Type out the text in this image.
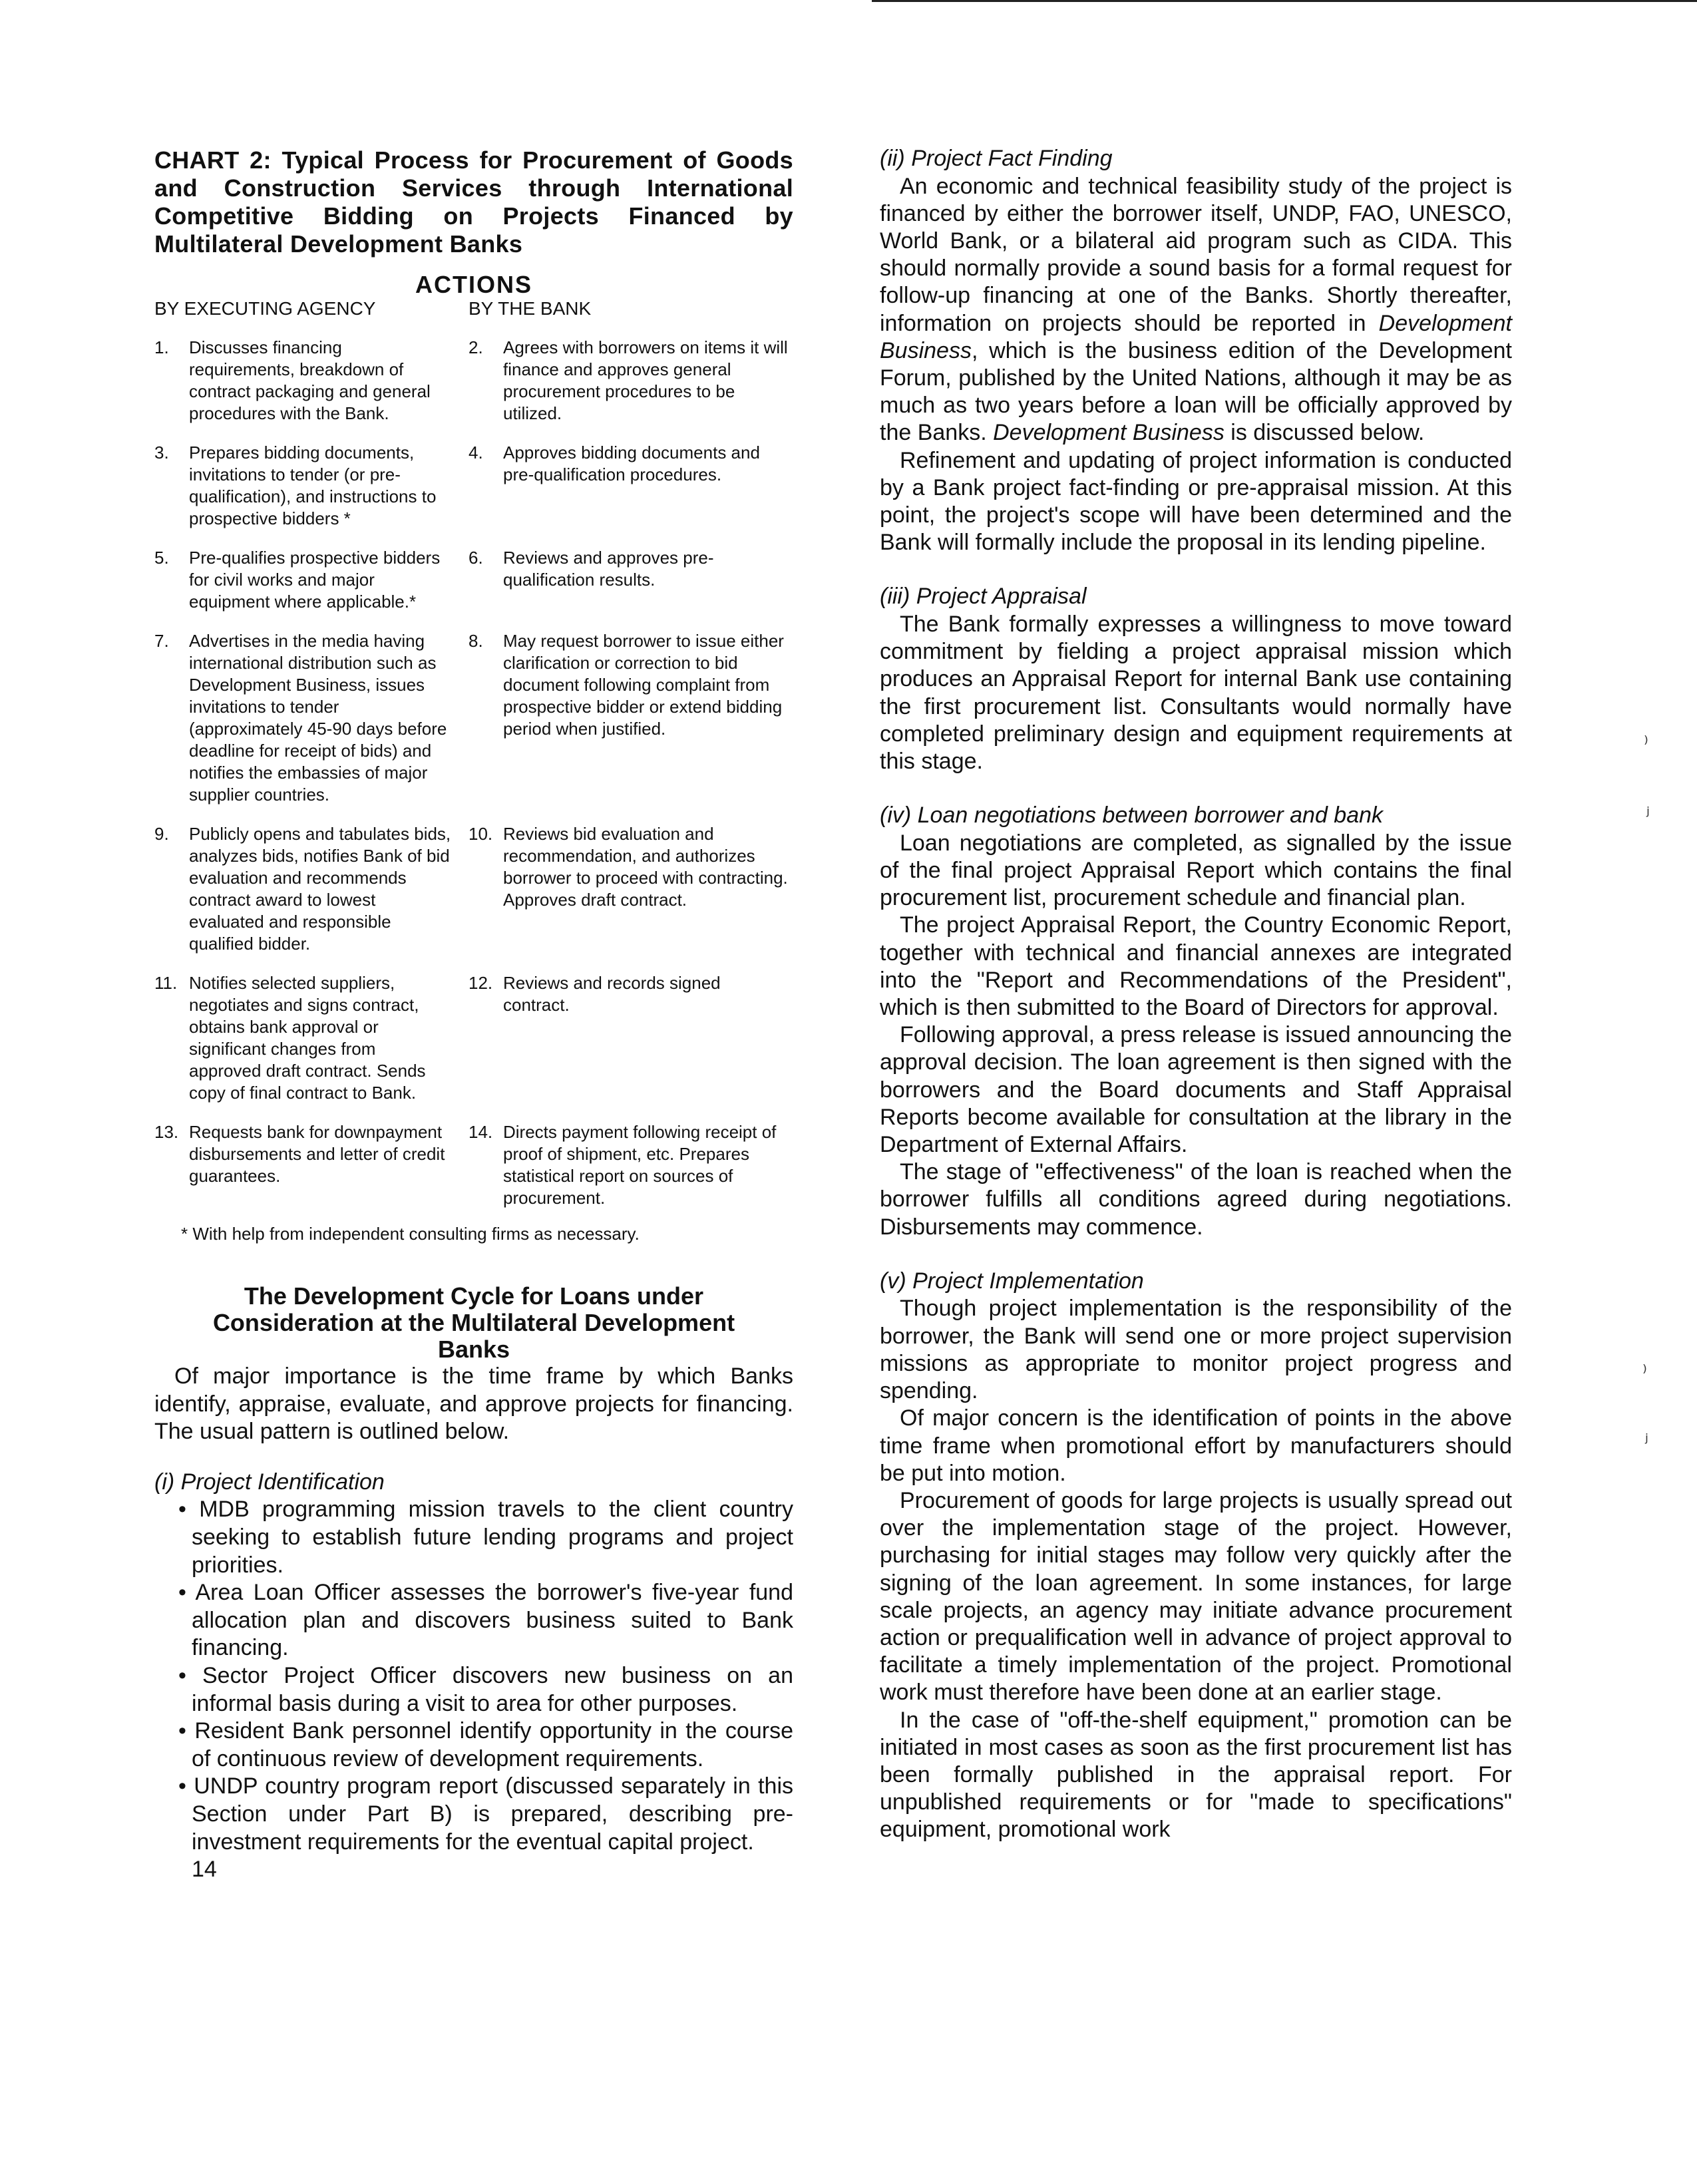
CHART 2: Typical Process for Procurement of Goods and Construction Services through International Competitive Bidding on Projects Financed by Multilateral Development Banks

ACTIONS
BY EXECUTING AGENCY	BY THE BANK
1.	Discusses financing requirements, breakdown of contract packaging and general procedures with the Bank.
2.	Agrees with borrowers on items it will finance and approves general procurement procedures to be utilized.
3.	Prepares bidding documents, invitations to tender (or pre-qualification), and instructions to prospective bidders *
4.	Approves bidding documents and pre-qualification procedures.
5.	Pre-qualifies prospective bidders for civil works and major equipment where applicable.*
6.	Reviews and approves pre-qualification results.
7.	Advertises in the media having international distribution such as Development Business, issues invitations to tender (approximately 45-90 days before deadline for receipt of bids) and notifies the embassies of major supplier countries.
8.	May request borrower to issue either clarification or correction to bid document following complaint from prospective bidder or extend bidding period when justified.
9.	Publicly opens and tabulates bids, analyzes bids, notifies Bank of bid evaluation and recommends contract award to lowest evaluated and responsible qualified bidder.
10. Reviews bid evaluation and recommendation, and authorizes borrower to proceed with contracting. Approves draft contract.
11. Notifies selected suppliers, negotiates and signs contract, obtains bank approval or significant changes from approved draft contract. Sends copy of final contract to Bank.
12. Reviews and records signed contract.
13. Requests bank for downpayment disbursements and letter of credit guarantees.
14. Directs payment following receipt of proof of shipment, etc. Prepares statistical report on sources of procurement.
* With help from independent consulting firms as necessary.
The Development Cycle for Loans under Consideration at the Multilateral Development Banks

Of major importance is the time frame by which Banks identify, appraise, evaluate, and approve projects for financing. The usual pattern is outlined below.

(i) Project Identification

• MDB programming mission travels to the client country seeking to establish future lending programs and project priorities.
• Area Loan Officer assesses the borrower's five-year fund allocation plan and discovers business suited to Bank financing.
• Sector Project Officer discovers new business on an informal basis during a visit to area for other purposes.
• Resident Bank personnel identify opportunity in the course of continuous review of development requirements.
• UNDP country program report (discussed separately in this Section under Part B) is prepared, describing pre-investment requirements for the eventual capital project.
14

(ii) Project Fact Finding

An economic and technical feasibility study of the project is financed by either the borrower itself, UNDP, FAO, UNESCO, World Bank, or a bilateral aid program such as CIDA. This should normally provide a sound basis for a formal request for follow-up financing at one of the Banks. Shortly thereafter, information on projects should be reported in Development Business, which is the business edition of the Development Forum, published by the United Nations, although it may be as much as two years before a loan will be officially approved by the Banks. Development Business is discussed below.

Refinement and updating of project information is conducted by a Bank project fact-finding or pre-appraisal mission. At this point, the project's scope will have been determined and the Bank will formally include the proposal in its lending pipeline.

(iii) Project Appraisal

The Bank formally expresses a willingness to move toward commitment by fielding a project appraisal mission which produces an Appraisal Report for internal Bank use containing the first procurement list. Consultants would normally have completed preliminary design and equipment requirements at this stage.

(iv) Loan negotiations between borrower and bank

Loan negotiations are completed, as signalled by the issue of the final project Appraisal Report which contains the final procurement list, procurement schedule and financial plan.

The project Appraisal Report, the Country Economic Report, together with technical and financial annexes are integrated into the "Report and Recommendations of the President", which is then submitted to the Board of Directors for approval.

Following approval, a press release is issued announcing the approval decision. The loan agreement is then signed with the borrowers and the Board documents and Staff Appraisal Reports become available for consultation at the library in the Department of External Affairs.

The stage of "effectiveness" of the loan is reached when the borrower fulfills all conditions agreed during negotiations. Disbursements may commence.

(v) Project Implementation

Though project implementation is the responsibility of the borrower, the Bank will send one or more project supervision missions as appropriate to monitor project progress and spending.

Of major concern is the identification of points in the above time frame when promotional effort by manufacturers should be put into motion.

Procurement of goods for large projects is usually spread out over the implementation stage of the project. However, purchasing for initial stages may follow very quickly after the signing of the loan agreement. In some instances, for large scale projects, an agency may initiate advance procurement action or prequalification well in advance of project approval to facilitate a timely implementation of the project. Promotional work must therefore have been done at an earlier stage.

In the case of "off-the-shelf equipment," promotion can be initiated in most cases as soon as the first procurement list has been formally published in the appraisal report. For unpublished requirements or for "made to specifications" equipment, promotional work

⁾
ⱼ
⁾
ⱼ
